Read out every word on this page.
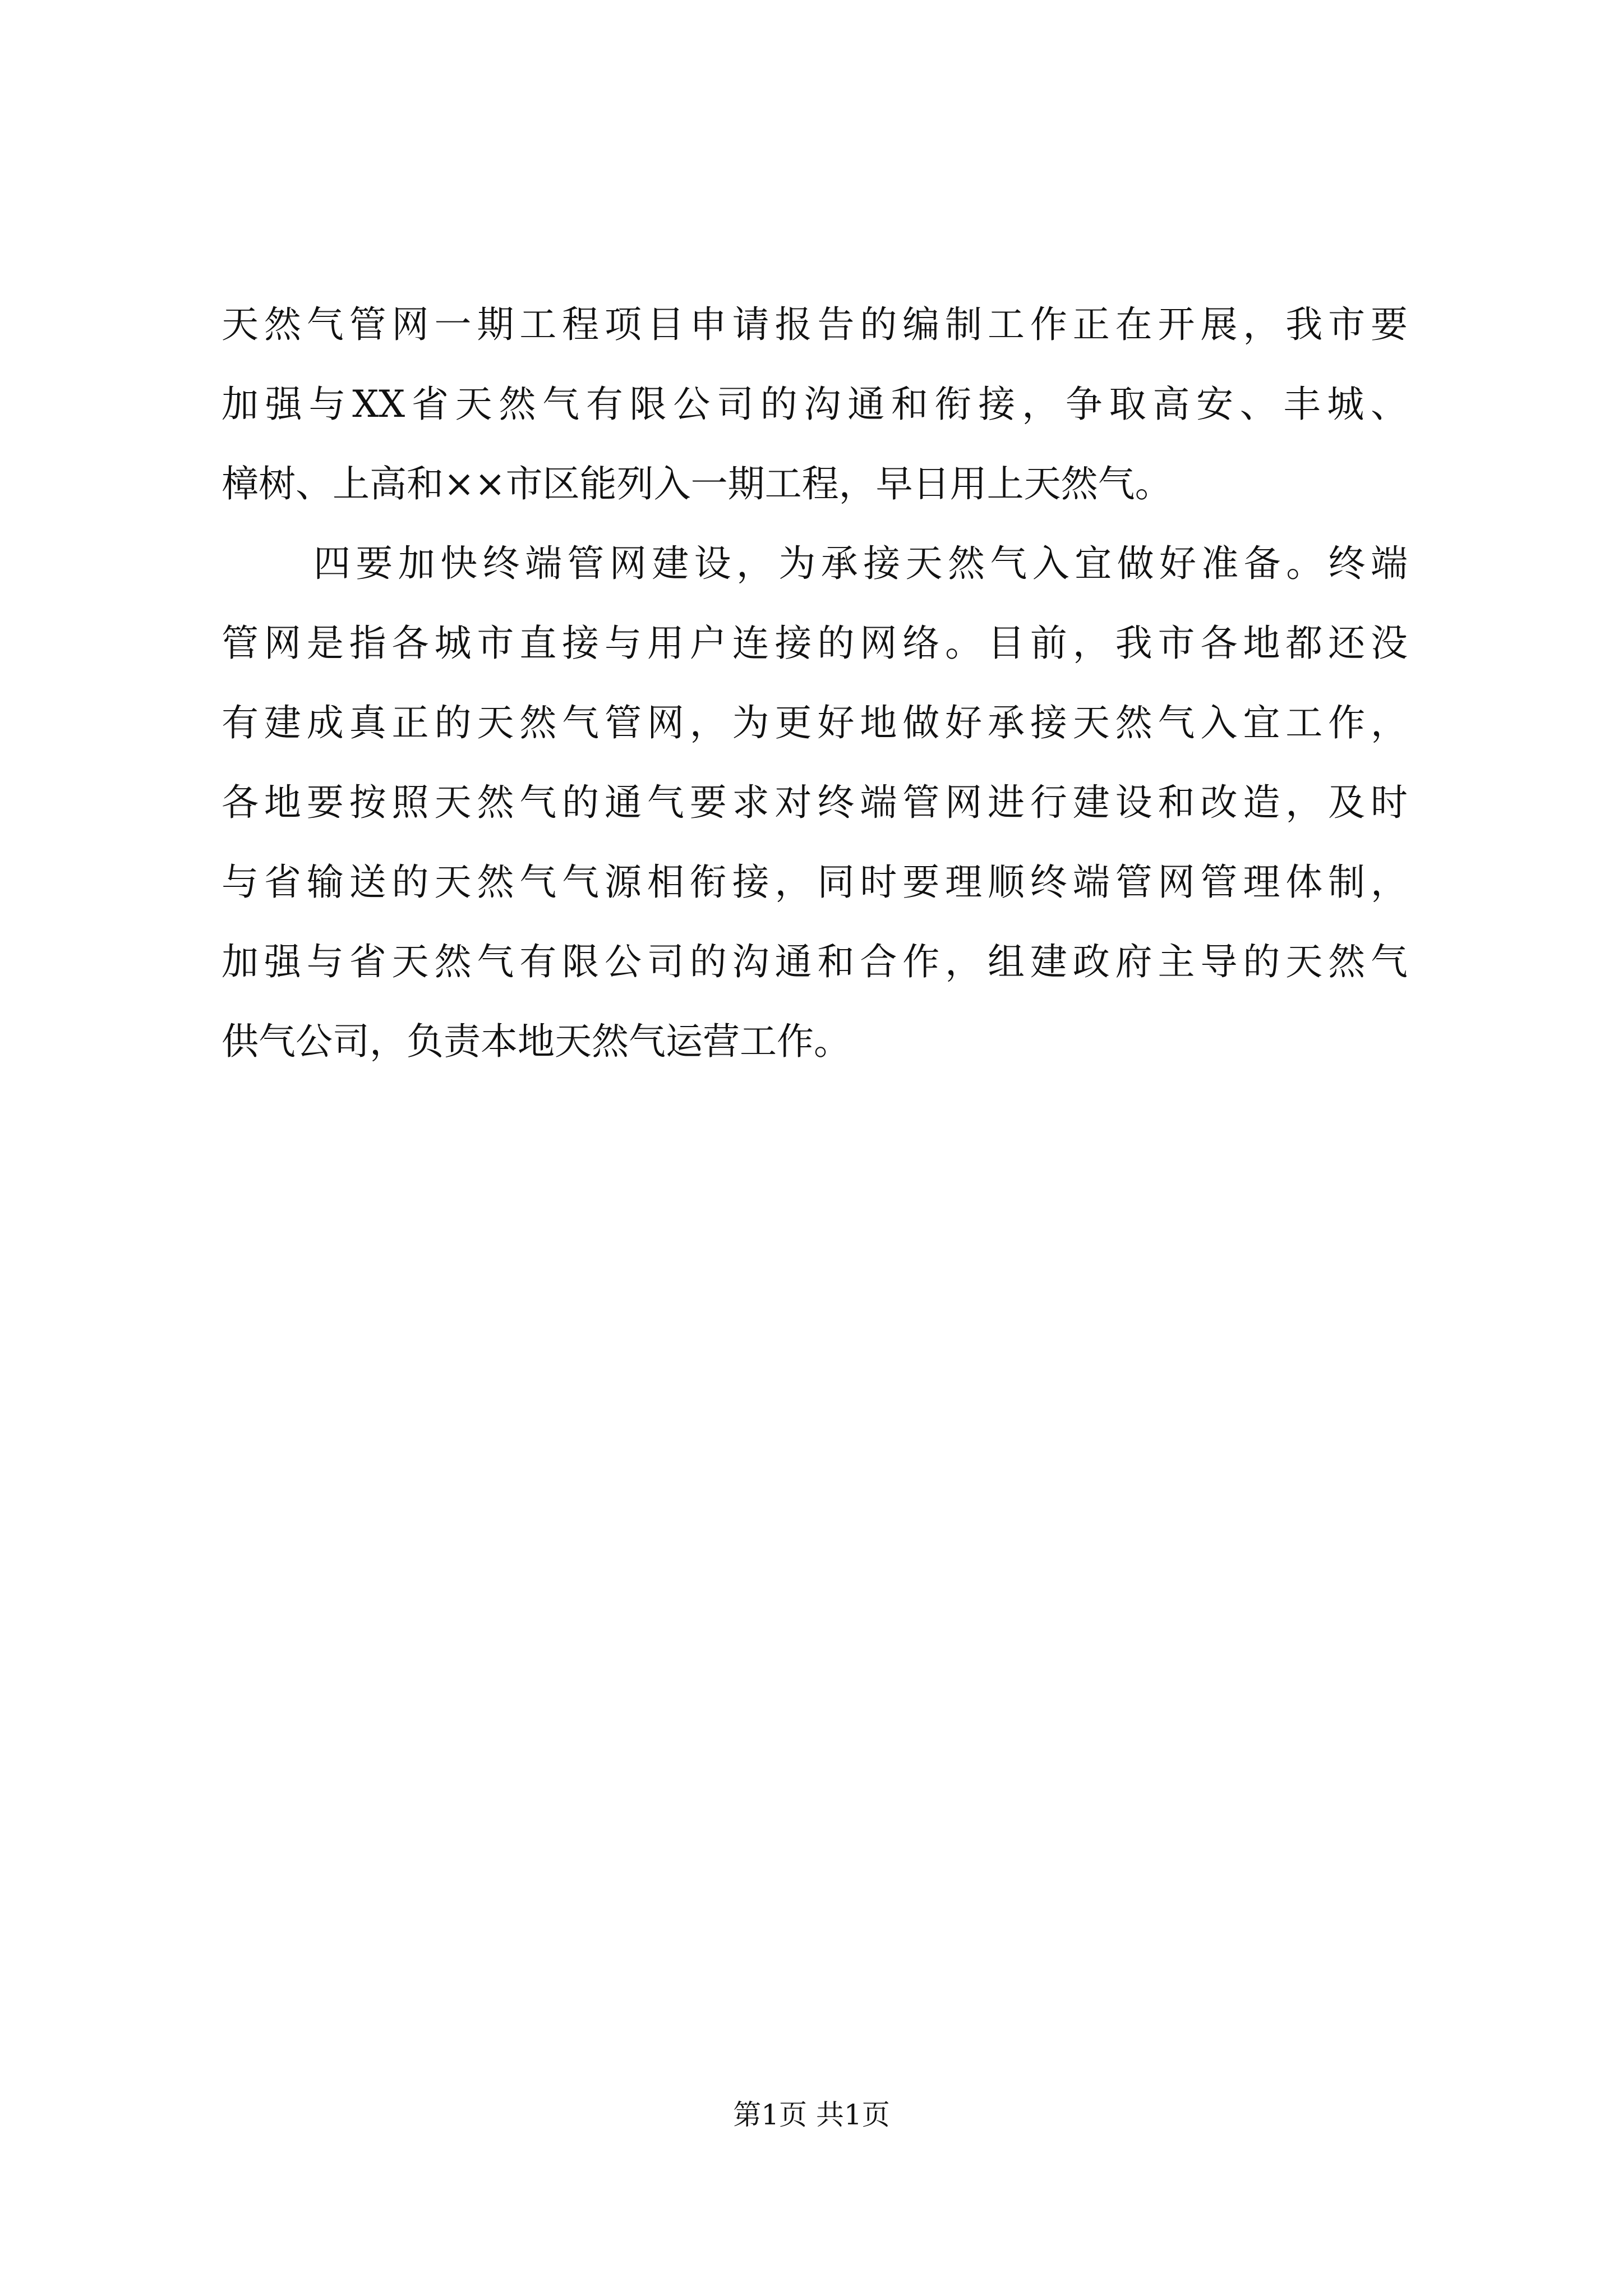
天然气管网一期工程项目申请报告的编制工作正在开展，我市要
加强与XX省天然气有限公司的沟通和衔接，争取高安、丰城、
樟树、上高和××市区能列入一期工程，早日用上天然气。
四要加快终端管网建设，为承接天然气入宜做好准备。终端
管网是指各城市直接与用户连接的网络。目前，我市各地都还没
有建成真正的天然气管网，为更好地做好承接天然气入宜工作，
各地要按照天然气的通气要求对终端管网进行建设和改造，及时
与省输送的天然气气源相衔接，同时要理顺终端管网管理体制，
加强与省天然气有限公司的沟通和合作，组建政府主导的天然气
供气公司，负责本地天然气运营工作。
第1页 共1页
